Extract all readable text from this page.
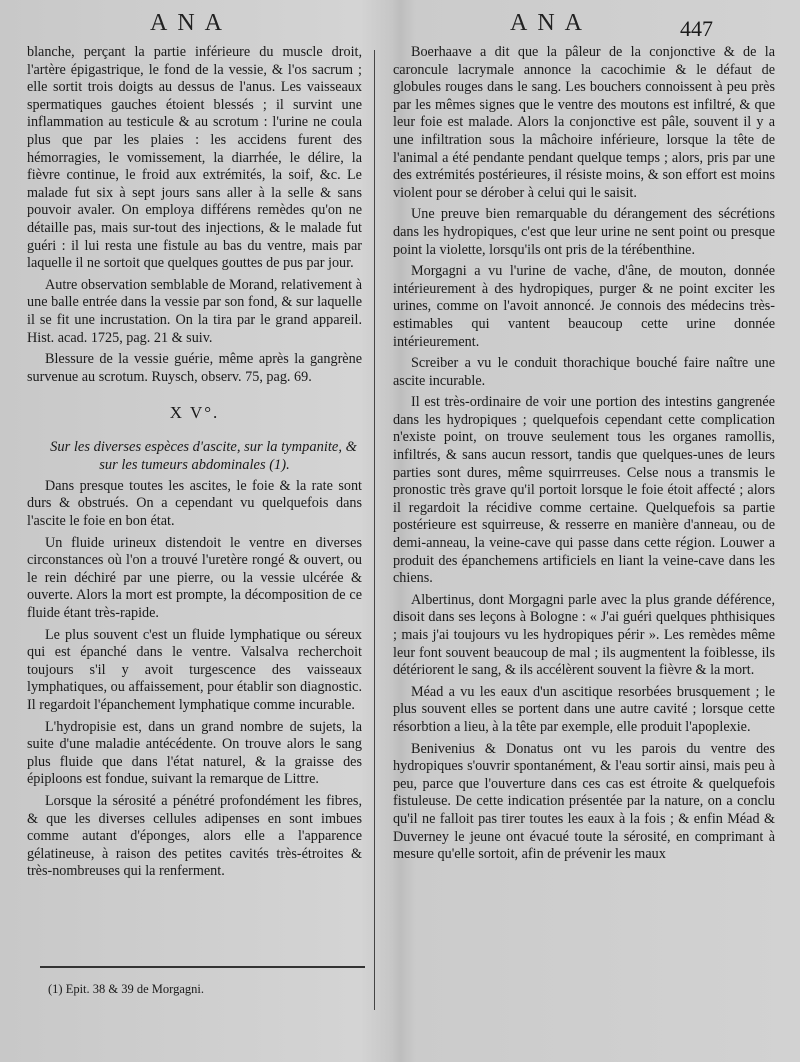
ANA	ANA	447

blanche, perçant la partie inférieure du muscle droit, l'artère épigastrique, le fond de la vessie, & l'os sacrum ; elle sortit trois doigts au dessus de l'anus. Les vaisseaux spermatiques gauches étoient blessés ; il survint une inflammation au testicule & au scrotum : l'urine ne coula plus que par les plaies : les accidens furent des hémorragies, le vomissement, la diarrhée, le délire, la fièvre continue, le froid aux extrémités, la soif, &c. Le malade fut six à sept jours sans aller à la selle & sans pouvoir avaler. On employa différens remèdes qu'on ne détaille pas, mais sur-tout des injections, & le malade fut guéri : il lui resta une fistule au bas du ventre, mais par laquelle il ne sortoit que quelques gouttes de pus par jour.

Autre observation semblable de Morand, relativement à une balle entrée dans la vessie par son fond, & sur laquelle il se fit une incrustation. On la tira par le grand appareil. Hist. acad. 1725, pag. 21 & suiv.

Blessure de la vessie guérie, même après la gangrène survenue au scrotum. Ruysch, observ. 75, pag. 69.

X V°.

Sur les diverses espèces d'ascite, sur la tympanite, & sur les tumeurs abdominales (1).

Dans presque toutes les ascites, le foie & la rate sont durs & obstrués. On a cependant vu quelquefois dans l'ascite le foie en bon état.

Un fluide urineux distendoit le ventre en diverses circonstances où l'on a trouvé l'uretère rongé & ouvert, ou le rein déchiré par une pierre, ou la vessie ulcérée & ouverte. Alors la mort est prompte, la décomposition de ce fluide étant très-rapide.

Le plus souvent c'est un fluide lymphatique ou séreux qui est épanché dans le ventre. Valsalva recherchoit toujours s'il y avoit turgescence des vaisseaux lymphatiques, ou affaissement, pour établir son diagnostic. Il regardoit l'épanchement lymphatique comme incurable.

L'hydropisie est, dans un grand nombre de sujets, la suite d'une maladie antécédente. On trouve alors le sang plus fluide que dans l'état naturel, & la graisse des épiploons est fondue, suivant la remarque de Littre.

Lorsque la sérosité a pénétré profondément les fibres, & que les diverses cellules adipenses en sont imbues comme autant d'éponges, alors elle a l'apparence gélatineuse, à raison des petites cavités très-étroites & très-nombreuses qui la renferment.

Boerhaave a dit que la pâleur de la conjonctive & de la caroncule lacrymale annonce la cacochimie & le défaut de globules rouges dans le sang. Les bouchers connoissent à peu près par les mêmes signes que le ventre des moutons est infiltré, & que leur foie est malade. Alors la conjonctive est pâle, souvent il y a une infiltration sous la mâchoire inférieure, lorsque la tête de l'animal a été pendante pendant quelque temps ; alors, pris par une des extrémités postérieures, il résiste moins, & son effort est moins violent pour se dérober à celui qui le saisit.

Une preuve bien remarquable du dérangement des sécrétions dans les hydropiques, c'est que leur urine ne sent point ou presque point la violette, lorsqu'ils ont pris de la térébenthine.

Morgagni a vu l'urine de vache, d'âne, de mouton, donnée intérieurement à des hydropiques, purger & ne point exciter les urines, comme on l'avoit annoncé. Je connois des médecins très-estimables qui vantent beaucoup cette urine donnée intérieurement.

Screiber a vu le conduit thorachique bouché faire naître une ascite incurable.

Il est très-ordinaire de voir une portion des intestins gangrenée dans les hydropiques ; quelquefois cependant cette complication n'existe point, on trouve seulement tous les organes ramollis, infiltrés, & sans aucun ressort, tandis que quelques-unes de leurs parties sont dures, même squirrreuses. Celse nous a transmis le pronostic très grave qu'il portoit lorsque le foie étoit affecté ; alors il regardoit la récidive comme certaine. Quelquefois sa partie postérieure est squirreuse, & resserre en manière d'anneau, ou de demi-anneau, la veine-cave qui passe dans cette région. Louwer a produit des épanchemens artificiels en liant la veine-cave dans les chiens.

Albertinus, dont Morgagni parle avec la plus grande déférence, disoit dans ses leçons à Bologne : « J'ai guéri quelques phthisiques ; mais j'ai toujours vu les hydropiques périr ». Les remèdes même leur font souvent beaucoup de mal ; ils augmentent la foiblesse, ils détériorent le sang, & ils accélèrent souvent la fièvre & la mort.

Méad a vu les eaux d'un ascitique resorbées brusquement ; le plus souvent elles se portent dans une autre cavité ; lorsque cette résorbtion a lieu, à la tête par exemple, elle produit l'apoplexie.

Benivenius & Donatus ont vu les parois du ventre des hydropiques s'ouvrir spontanément, & l'eau sortir ainsi, mais peu à peu, parce que l'ouverture dans ces cas est étroite & quelquefois fistuleuse. De cette indication présentée par la nature, on a conclu qu'il ne falloit pas tirer toutes les eaux à la fois ; & enfin Méad & Duverney le jeune ont évacué toute la sérosité, en comprimant à mesure qu'elle sortoit, afin de prévenir les maux

(1) Epit. 38 & 39 de Morgagni.
